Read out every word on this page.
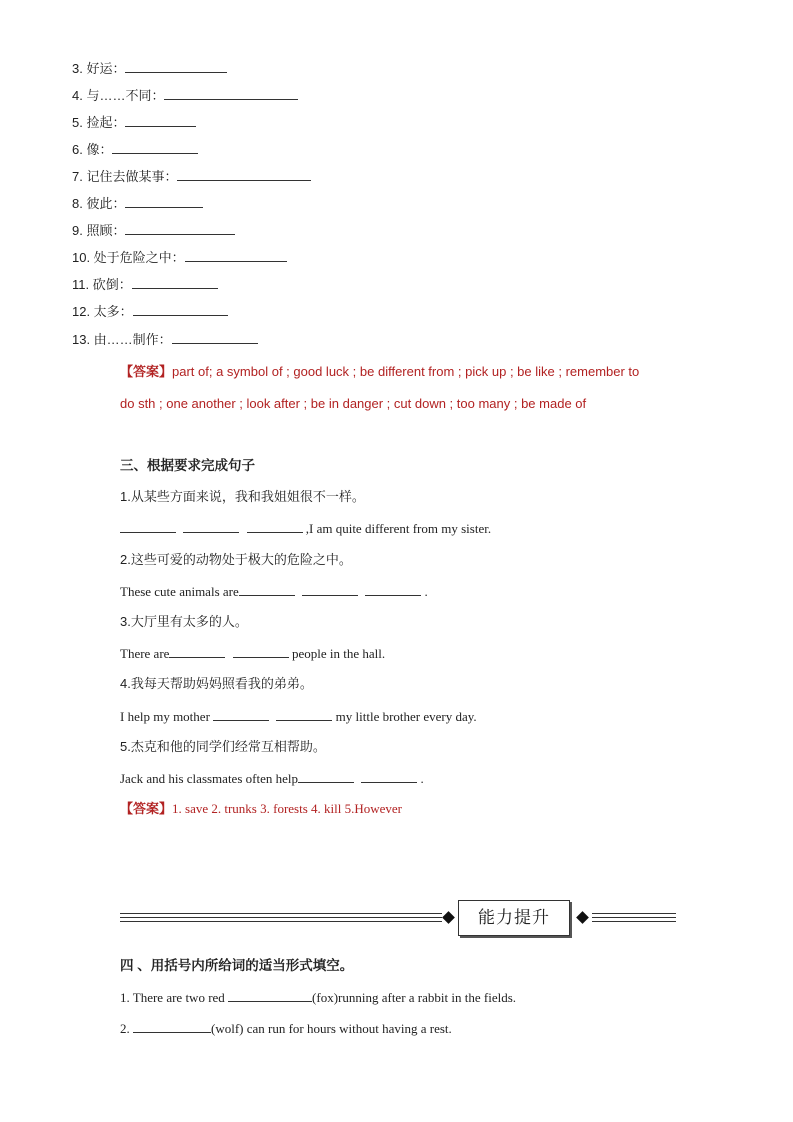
3. 好运：
4. 与……不同：
5. 捡起：
6. 像：
7. 记住去做某事：
8. 彼此：
9. 照顾：
10. 处于危险之中：
11. 砍倒：
12. 太多：
13. 由……制作：
【答案】part of; a symbol of ; good luck ; be different from ; pick up ; be like ; remember to
do sth ; one another ; look after ; be in danger ; cut down ; too many ; be made of
三、根据要求完成句子
1.从某些方面来说，我和我姐姐很不一样。
,I am quite different from my sister.
2.这些可爱的动物处于极大的危险之中。
These cute animals are	.
3.大厅里有太多的人。
There are	people in the hall.
4.我每天帮助妈妈照看我的弟弟。
I help my mother	my little brother every day.
5.杰克和他的同学们经常互相帮助。
Jack and his classmates often help	.
【答案】1. save 2. trunks 3. forests 4. kill 5.However
能力提升
四 、用括号内所给词的适当形式填空。
1. There are two red	(fox)running after a rabbit in the fields.
2.	(wolf) can run for hours without having a rest.
